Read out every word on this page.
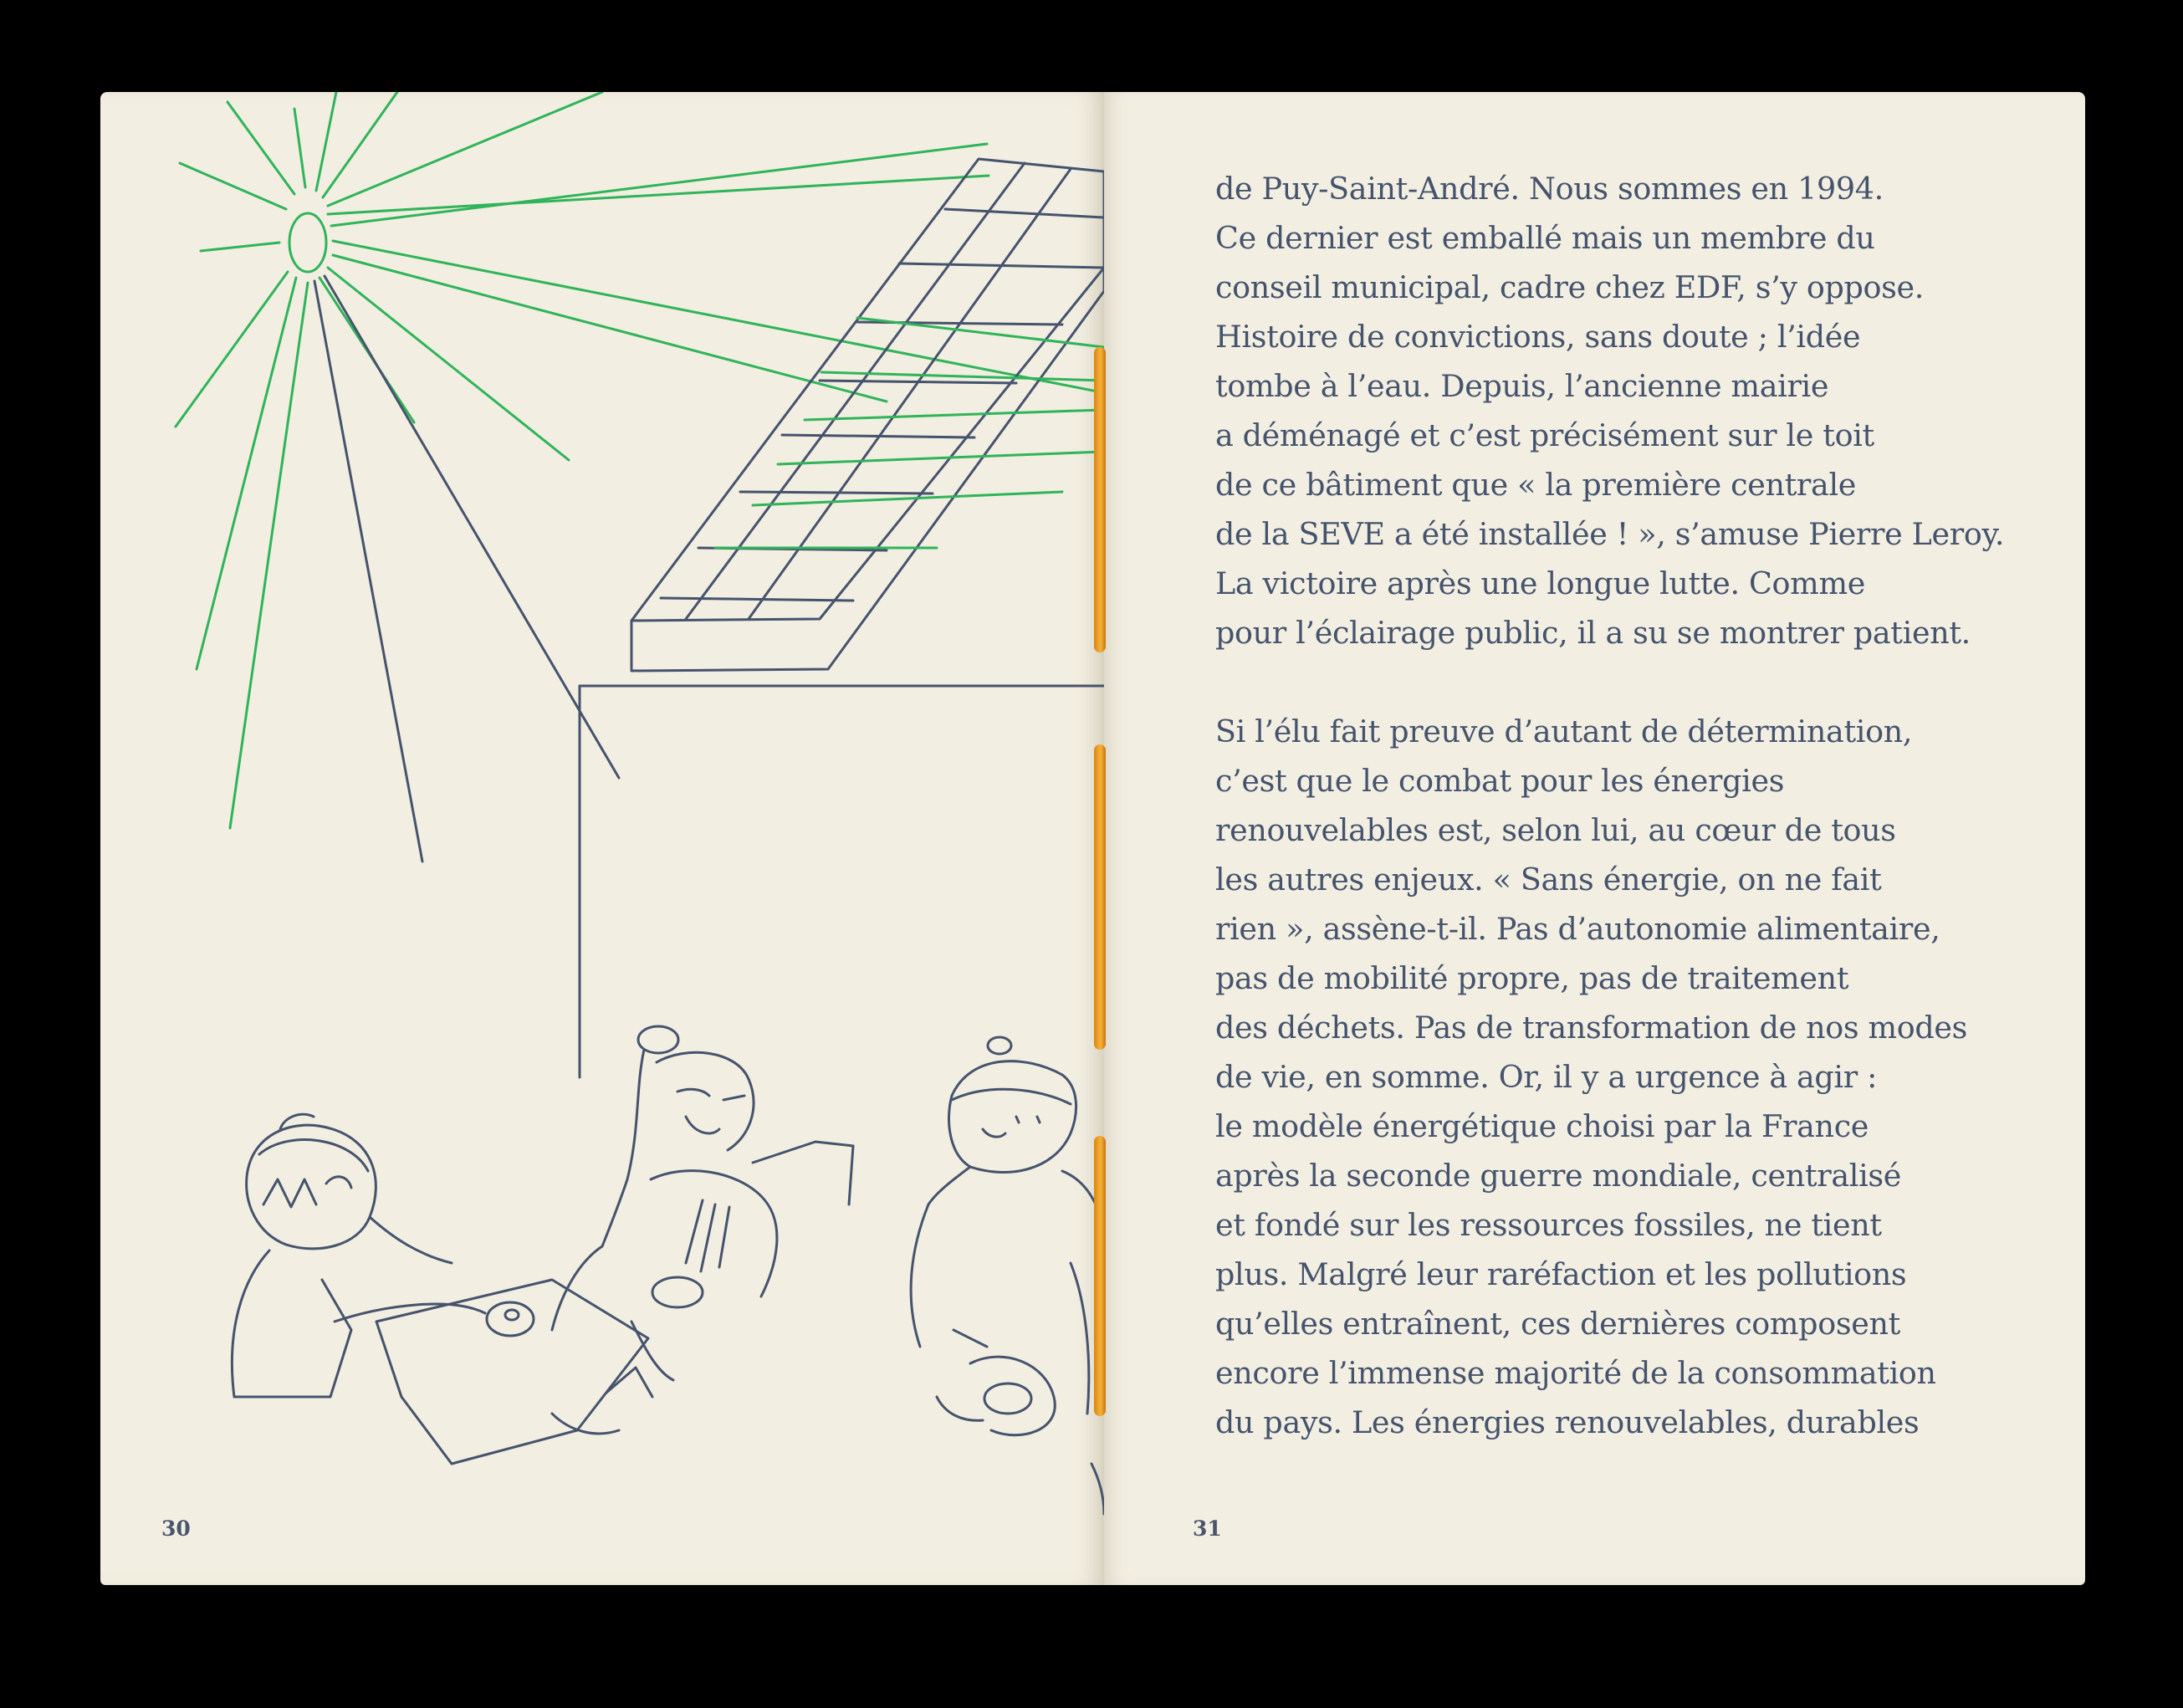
30

de Puy-Saint-André. Nous sommes en 1994.
Ce dernier est emballé mais un membre du
conseil municipal, cadre chez EDF, s’y oppose.
Histoire de convictions, sans doute ; l’idée
tombe à l’eau. Depuis, l’ancienne mairie
a déménagé et c’est précisément sur le toit
de ce bâtiment que « la première centrale
de la SEVE a été installée ! », s’amuse Pierre Leroy.
La victoire après une longue lutte. Comme
pour l’éclairage public, il a su se montrer patient.

Si l’élu fait preuve d’autant de détermination,
c’est que le combat pour les énergies
renouvelables est, selon lui, au cœur de tous
les autres enjeux. « Sans énergie, on ne fait
rien », assène-t-il. Pas d’autonomie alimentaire,
pas de mobilité propre, pas de traitement
des déchets. Pas de transformation de nos modes
de vie, en somme. Or, il y a urgence à agir :
le modèle énergétique choisi par la France
après la seconde guerre mondiale, centralisé
et fondé sur les ressources fossiles, ne tient
plus. Malgré leur raréfaction et les pollutions
qu’elles entraînent, ces dernières composent
encore l’immense majorité de la consommation
du pays. Les énergies renouvelables, durables

31
